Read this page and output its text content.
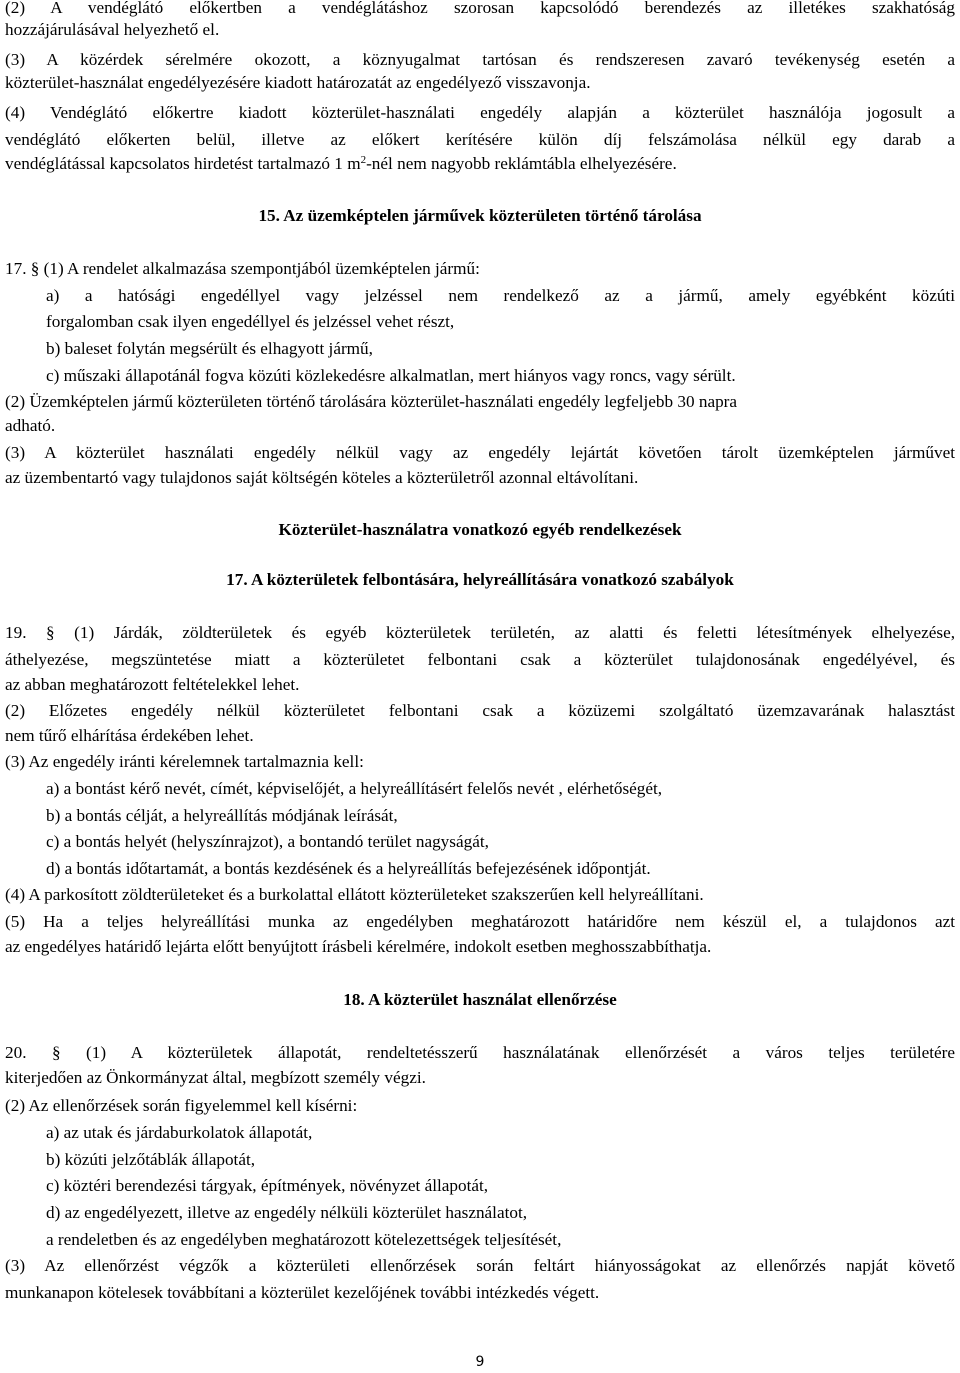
(2) A vendéglátó előkertben a vendéglátáshoz szorosan kapcsolódó berendezés az illetékes szakhatóság
hozzájárulásával helyezhető el.
(3) A közérdek sérelmére okozott, a köznyugalmat tartósan és rendszeresen zavaró tevékenység esetén a
közterület-használat engedélyezésére kiadott határozatát az engedélyező visszavonja.
(4) Vendéglátó előkertre kiadott közterület-használati engedély alapján a közterület használója jogosult a
vendéglátó előkerten belül, illetve az előkert kerítésére külön díj felszámolása nélkül egy darab a
vendéglátással kapcsolatos hirdetést tartalmazó 1 $m^2$-nél nem nagyobb reklámtábla elhelyezésére.
15. Az üzemképtelen járművek közterületen történő tárolása
17. § (1) A rendelet alkalmazása szempontjából üzemképtelen jármű:
a) a hatósági engedéllyel vagy jelzéssel nem rendelkező az a jármű, amely egyébként közúti
forgalomban csak ilyen engedéllyel és jelzéssel vehet részt,
b) baleset folytán megsérült és elhagyott jármű,
c) műszaki állapotánál fogva közúti közlekedésre alkalmatlan, mert hiányos vagy roncs, vagy sérült.
(2) Üzemképtelen jármű közterületen történő tárolására közterület-használati engedély legfeljebb 30 napra
adható.
(3) A közterület használati engedély nélkül vagy az engedély lejártát követően tárolt üzemképtelen járművet
az üzembentartó vagy tulajdonos saját költségén köteles a közterületről azonnal eltávolítani.
Közterület-használatra vonatkozó egyéb rendelkezések
17. A közterületek felbontására, helyreállítására vonatkozó szabályok
19. § (1) Járdák, zöldterületek és egyéb közterületek területén, az alatti és feletti létesítmények elhelyezése,
áthelyezése, megszüntetése miatt a közterületet felbontani csak a közterület tulajdonosának engedélyével, és
az abban meghatározott feltételekkel lehet.
(2) Előzetes engedély nélkül közterületet felbontani csak a közüzemi szolgáltató üzemzavarának halasztást
nem tűrő elhárítása érdekében lehet.
(3) Az engedély iránti kérelemnek tartalmaznia kell:
a) a bontást kérő nevét, címét, képviselőjét, a helyreállításért felelős nevét , elérhetőségét,
b) a bontás célját, a helyreállítás módjának leírását,
c) a bontás helyét (helyszínrajzot), a bontandó terület nagyságát,
d) a bontás időtartamát, a bontás kezdésének és a helyreállítás befejezésének időpontját.
(4) A parkosított zöldterületeket és a burkolattal ellátott közterületeket szakszerűen kell helyreállítani.
(5) Ha a teljes helyreállítási munka az engedélyben meghatározott határidőre nem készül el, a tulajdonos azt
az engedélyes határidő lejárta előtt benyújtott írásbeli kérelmére, indokolt esetben meghosszabbíthatja.
18. A közterület használat ellenőrzése
20. § (1) A közterületek állapotát, rendeltetésszerű használatának ellenőrzését a város teljes területére
kiterjedően az Önkormányzat által, megbízott személy végzi.
(2) Az ellenőrzések során figyelemmel kell kísérni:
a) az utak és járdaburkolatok állapotát,
b) közúti jelzőtáblák állapotát,
c) köztéri berendezési tárgyak, építmények, növényzet állapotát,
d) az engedélyezett, illetve az engedély nélküli közterület használatot,
a rendeletben és az engedélyben meghatározott kötelezettségek teljesítését,
(3) Az ellenőrzést végzők a közterületi ellenőrzések során feltárt hiányosságokat az ellenőrzés napját követő
munkanapon kötelesek továbbítani a közterület kezelőjének további intézkedés végett.
9
